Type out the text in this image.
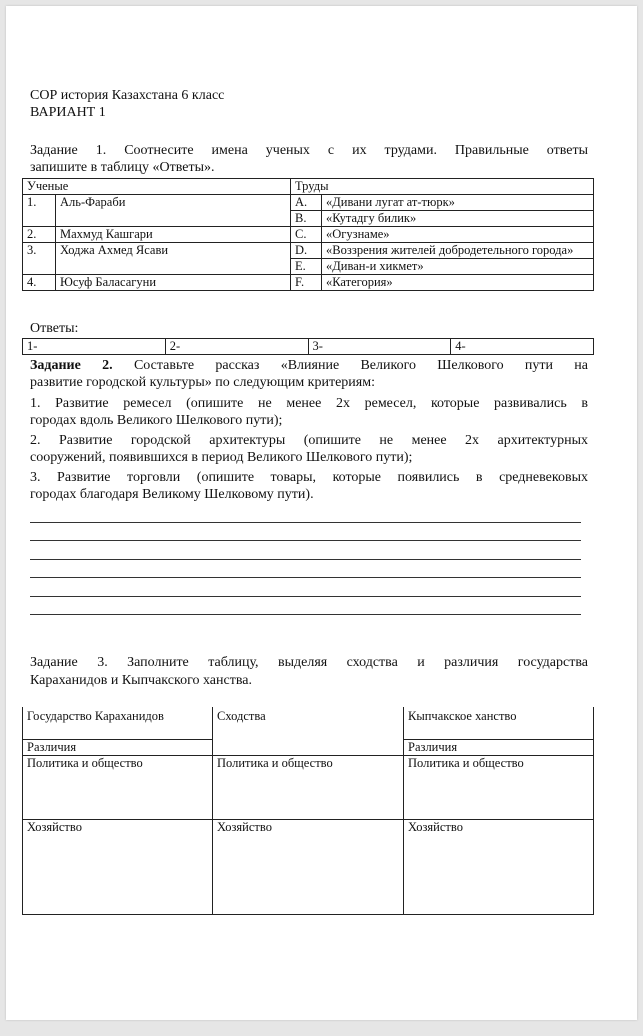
СОР история Казахстана 6 класс
ВАРИАНТ 1
Задание 1. Соотнесите имена ученых с их трудами. Правильные ответы
запишите в таблицу «Ответы».
Ученые		Труды	
1.	Аль-Фараби	A.	«Дивани лугат ат-тюрк»
		B.	«Кутадгу билик»
2.	Махмуд Кашгари	C.	«Огузнаме»
3.	Ходжа Ахмед Ясави	D.	«Воззрения жителей добродетельного города»
		E.	«Диван-и хикмет»
4.	Юсуф Баласагуни	F.	«Категория»
Ответы:
1-	2-	3-	4-
Задание 2. Составьте рассказ «Влияние Великого Шелкового пути на
развитие городской культуры» по следующим критериям:
1. Развитие ремесел (опишите не менее 2х ремесел, которые развивались в
городах вдоль Великого Шелкового пути);
2. Развитие городской архитектуры (опишите не менее 2х архитектурных
сооружений, появившихся в период Великого Шелкового пути);
3. Развитие торговли (опишите товары, которые появились в средневековых
городах благодаря Великому Шелковому пути).
Задание 3. Заполните таблицу, выделяя сходства и различия государства
Караханидов и Кыпчакского ханства.
Государство Караханидов	Сходства	Кыпчакское ханство
Различия		Различия
Политика и общество	Политика и общество	Политика и общество
Хозяйство	Хозяйство	Хозяйство
